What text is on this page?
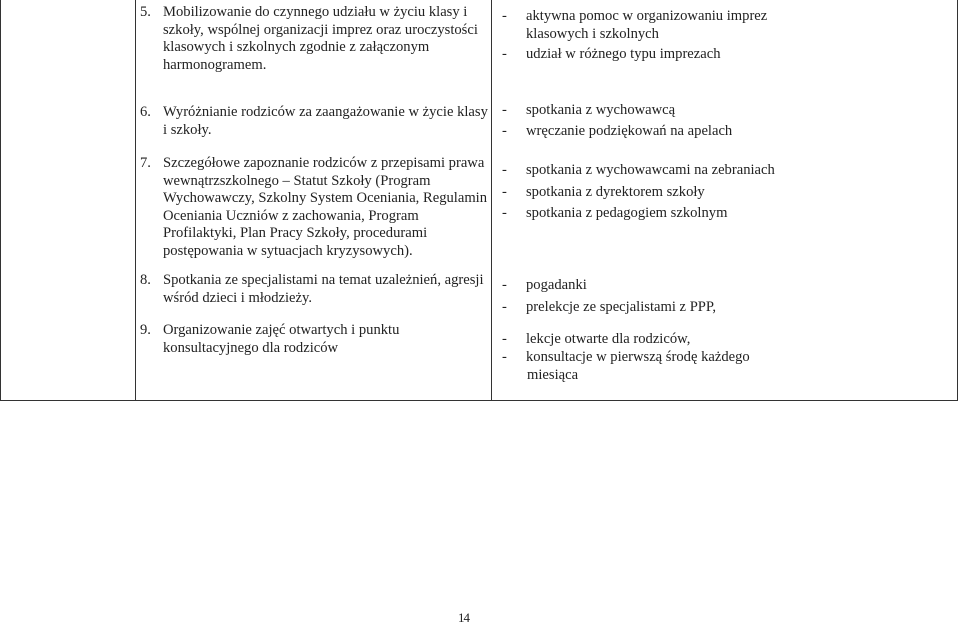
5. Mobilizowanie do czynnego udziału w życiu klasy i
szkoły, wspólnej organizacji imprez oraz uroczystości
klasowych i szkolnych zgodnie z załączonym
harmonogramem.
6. Wyróżnianie rodziców za zaangażowanie w życie klasy
i szkoły.
7. Szczegółowe zapoznanie rodziców z przepisami prawa
wewnątrzszkolnego – Statut Szkoły (Program
Wychowawczy, Szkolny System Oceniania, Regulamin
Oceniania Uczniów z zachowania, Program
Profilaktyki, Plan Pracy Szkoły, procedurami
postępowania w sytuacjach kryzysowych).
8. Spotkania ze specjalistami na temat uzależnień, agresji
wśród dzieci i młodzieży.
9. Organizowanie zajęć otwartych i punktu
konsultacyjnego dla rodziców
- aktywna pomoc w organizowaniu imprez
klasowych i szkolnych
- udział w różnego typu imprezach
- spotkania z wychowawcą
- wręczanie podziękowań na apelach
- spotkania z wychowawcami na zebraniach
- spotkania z dyrektorem szkoły
- spotkania z pedagogiem szkolnym
- pogadanki
- prelekcje ze specjalistami z PPP,
- lekcje otwarte dla rodziców,
- konsultacje w pierwszą środę każdego
miesiąca
14
